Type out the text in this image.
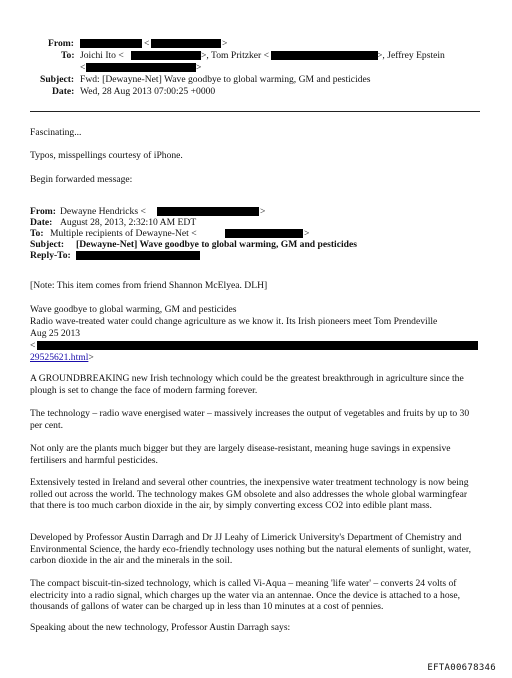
From:	<	>
To: Joichi Ito <	>, Tom Pritzker <	>, Jeffrey Epstein
<	>
Subject: Fwd: [Dewayne-Net] Wave goodbye to global warming, GM and pesticides
Date: Wed, 28 Aug 2013 07:00:25 +0000
Fascinating...
Typos, misspellings courtesy of iPhone.
Begin forwarded message:
From: Dewayne Hendricks <	>
Date: August 28, 2013, 2:32:10 AM EDT
To: Multiple recipients of Dewayne-Net <	>
Subject: [Dewayne-Net] Wave goodbye to global warming, GM and pesticides
Reply-To:
[Note: This item comes from friend Shannon McElyea. DLH]
Wave goodbye to global warming, GM and pesticides
Radio wave-treated water could change agriculture as we know it. Its Irish pioneers meet Tom Prendeville
Aug 25 2013
<
29525621.html>
A GROUNDBREAKING new Irish technology which could be the greatest breakthrough in agriculture since the plough is set to change the face of modern farming forever.
The technology – radio wave energised water – massively increases the output of vegetables and fruits by up to 30 per cent.
Not only are the plants much bigger but they are largely disease-resistant, meaning huge savings in expensive fertilisers and harmful pesticides.
Extensively tested in Ireland and several other countries, the inexpensive water treatment technology is now being rolled out across the world. The technology makes GM obsolete and also addresses the whole global warmingfear that there is too much carbon dioxide in the air, by simply converting excess CO2 into edible plant mass.
Developed by Professor Austin Darragh and Dr JJ Leahy of Limerick University's Department of Chemistry and Environmental Science, the hardy eco-friendly technology uses nothing but the natural elements of sunlight, water, carbon dioxide in the air and the minerals in the soil.
The compact biscuit-tin-sized technology, which is called Vi-Aqua – meaning 'life water' – converts 24 volts of electricity into a radio signal, which charges up the water via an antennae. Once the device is attached to a hose, thousands of gallons of water can be charged up in less than 10 minutes at a cost of pennies.
Speaking about the new technology, Professor Austin Darragh says:
EFTA00678346
